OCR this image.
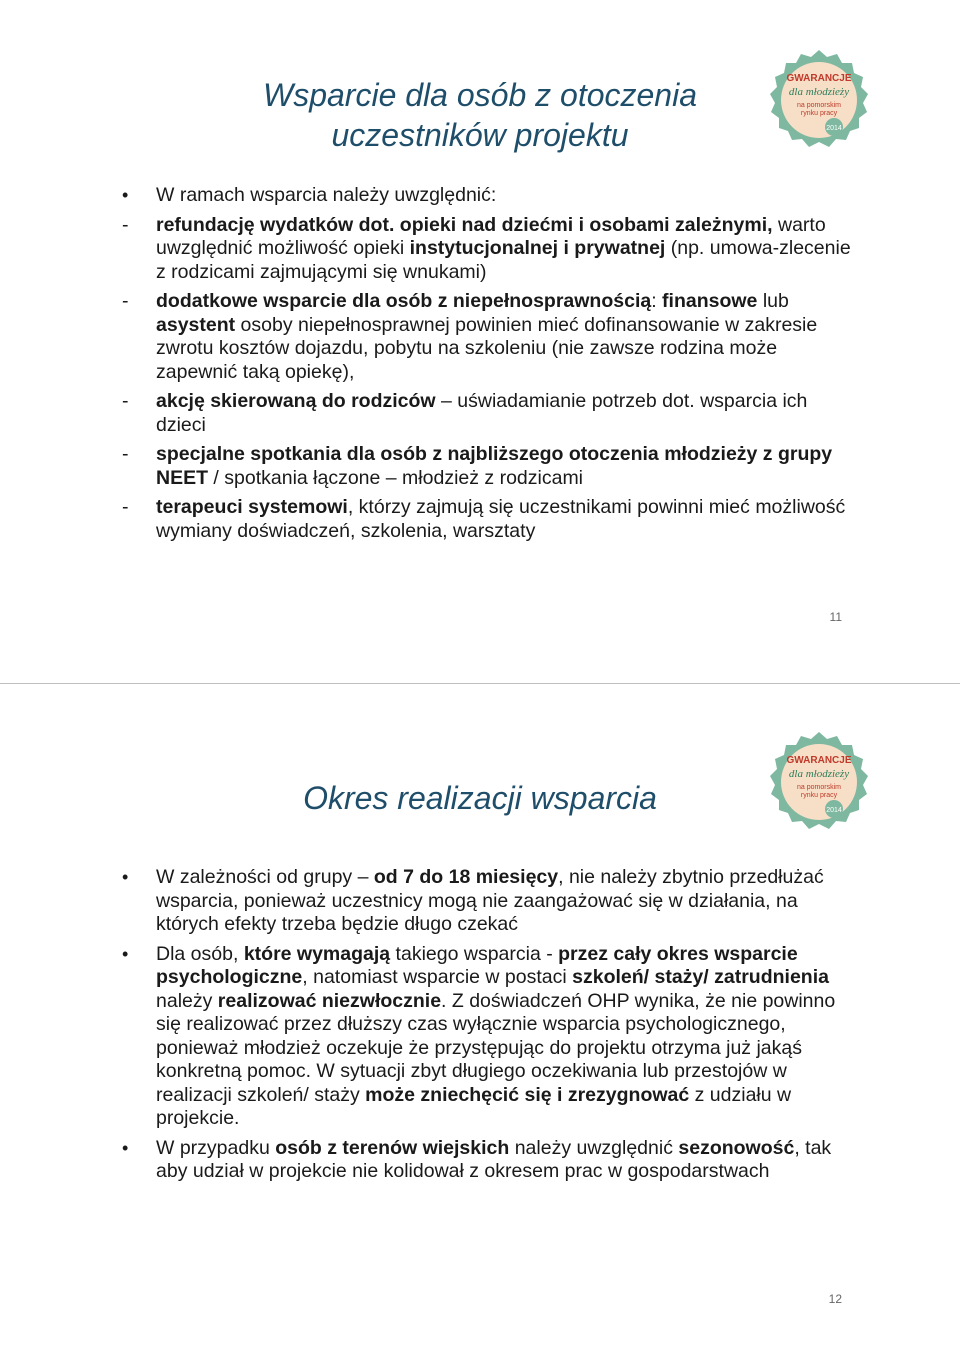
Wsparcie dla osób z otoczenia
uczestników projektu
GWARANCJE
dla młodzieży
na pomorskim
rynku pracy
2014
•	W ramach wsparcia należy uwzględnić:
-	refundację wydatków dot. opieki nad dziećmi i osobami zależnymi, warto uwzględnić możliwość opieki instytucjonalnej i prywatnej (np. umowa-zlecenie z rodzicami zajmującymi się wnukami)
-	dodatkowe wsparcie dla osób z niepełnosprawnością: finansowe lub asystent osoby niepełnosprawnej powinien mieć dofinansowanie w zakresie zwrotu kosztów dojazdu, pobytu na szkoleniu (nie zawsze rodzina może zapewnić taką opiekę),
-	akcję skierowaną do rodziców – uświadamianie potrzeb dot. wsparcia ich dzieci
-	specjalne spotkania dla osób z najbliższego otoczenia młodzieży z grupy NEET / spotkania łączone – młodzież z rodzicami
-	terapeuci systemowi, którzy zajmują się uczestnikami powinni mieć możliwość wymiany doświadczeń, szkolenia, warsztaty
11
Okres realizacji wsparcia
GWARANCJE
dla młodzieży
na pomorskim
rynku pracy
2014
•	W zależności od grupy – od 7 do 18 miesięcy, nie należy zbytnio przedłużać wsparcia, ponieważ uczestnicy mogą nie zaangażować się w działania, na których efekty trzeba będzie długo czekać
•	Dla osób, które wymagają takiego wsparcia - przez cały okres wsparcie psychologiczne, natomiast wsparcie w postaci szkoleń/ staży/ zatrudnienia należy realizować niezwłocznie. Z doświadczeń OHP wynika, że nie powinno się realizować przez dłuższy czas wyłącznie wsparcia psychologicznego, ponieważ młodzież oczekuje że przystępując do projektu otrzyma już jakąś konkretną pomoc. W sytuacji zbyt długiego oczekiwania lub przestojów w realizacji szkoleń/ staży może zniechęcić się i zrezygnować z udziału w projekcie.
•	W przypadku osób z terenów wiejskich należy uwzględnić sezonowość, tak aby udział w projekcie nie kolidował z okresem prac w gospodarstwach
12
